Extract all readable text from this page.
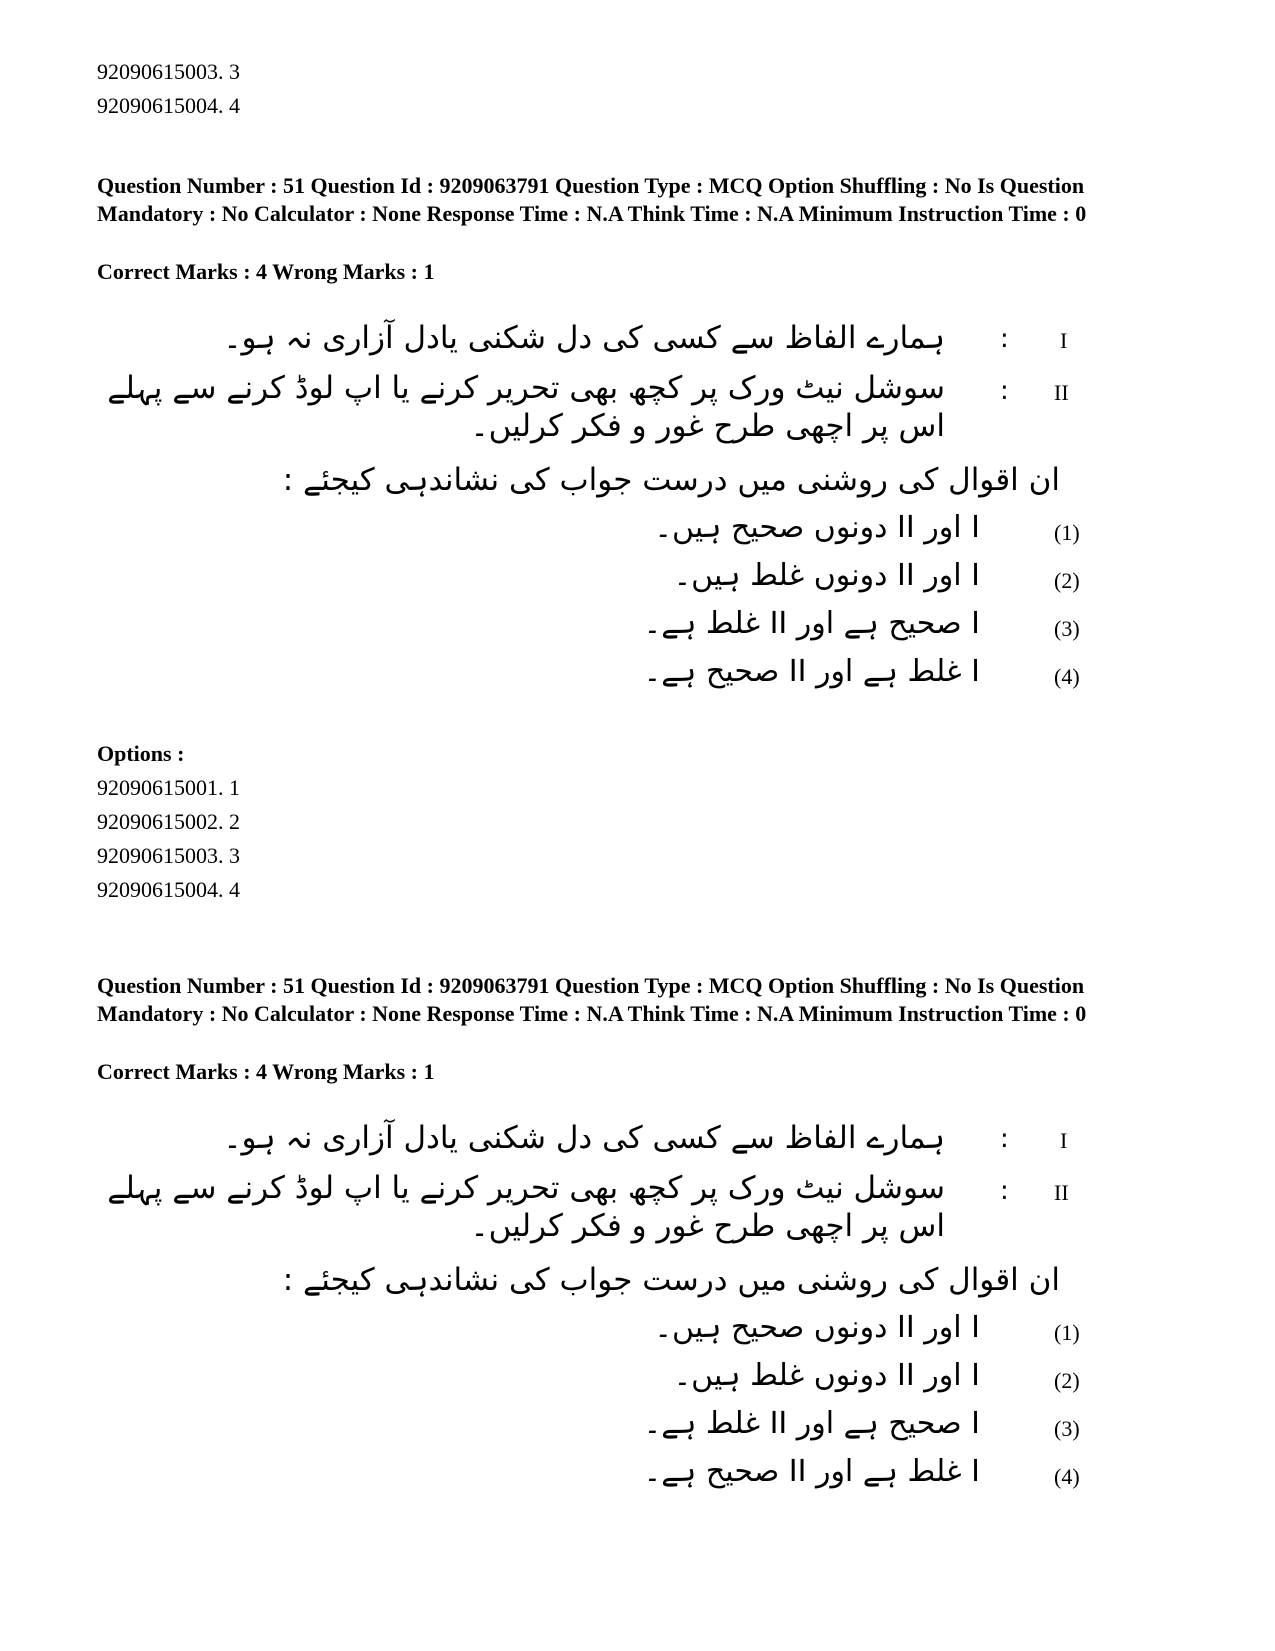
92090615003. 3
92090615004. 4
Question Number : 51 Question Id : 9209063791 Question Type : MCQ Option Shuffling : No Is Question Mandatory : No Calculator : None Response Time : N.A Think Time : N.A Minimum Instruction Time : 0
Correct Marks : 4 Wrong Marks : 1
I
:
ہمارے الفاظ سے کسی کی دل شکنی یادل آزاری نہ ہو۔
II
:
سوشل نیٹ ورک پر کچھ بھی تحریر کرنے یا اپ لوڈ کرنے سے پہلے
اس پر اچھی طرح غور و فکر کرلیں۔
ان اقوال کی روشنی میں درست جواب کی نشاندہی کیجئے :
(1)
I اور II دونوں صحیح ہیں۔
(2)
I اور II دونوں غلط ہیں۔
(3)
I صحیح ہے اور II غلط ہے۔
(4)
I غلط ہے اور II صحیح ہے۔
Options :
92090615001. 1
92090615002. 2
92090615003. 3
92090615004. 4
Question Number : 51 Question Id : 9209063791 Question Type : MCQ Option Shuffling : No Is Question Mandatory : No Calculator : None Response Time : N.A Think Time : N.A Minimum Instruction Time : 0
Correct Marks : 4 Wrong Marks : 1
I
:
ہمارے الفاظ سے کسی کی دل شکنی یادل آزاری نہ ہو۔
II
:
سوشل نیٹ ورک پر کچھ بھی تحریر کرنے یا اپ لوڈ کرنے سے پہلے
اس پر اچھی طرح غور و فکر کرلیں۔
ان اقوال کی روشنی میں درست جواب کی نشاندہی کیجئے :
(1)
I اور II دونوں صحیح ہیں۔
(2)
I اور II دونوں غلط ہیں۔
(3)
I صحیح ہے اور II غلط ہے۔
(4)
I غلط ہے اور II صحیح ہے۔
